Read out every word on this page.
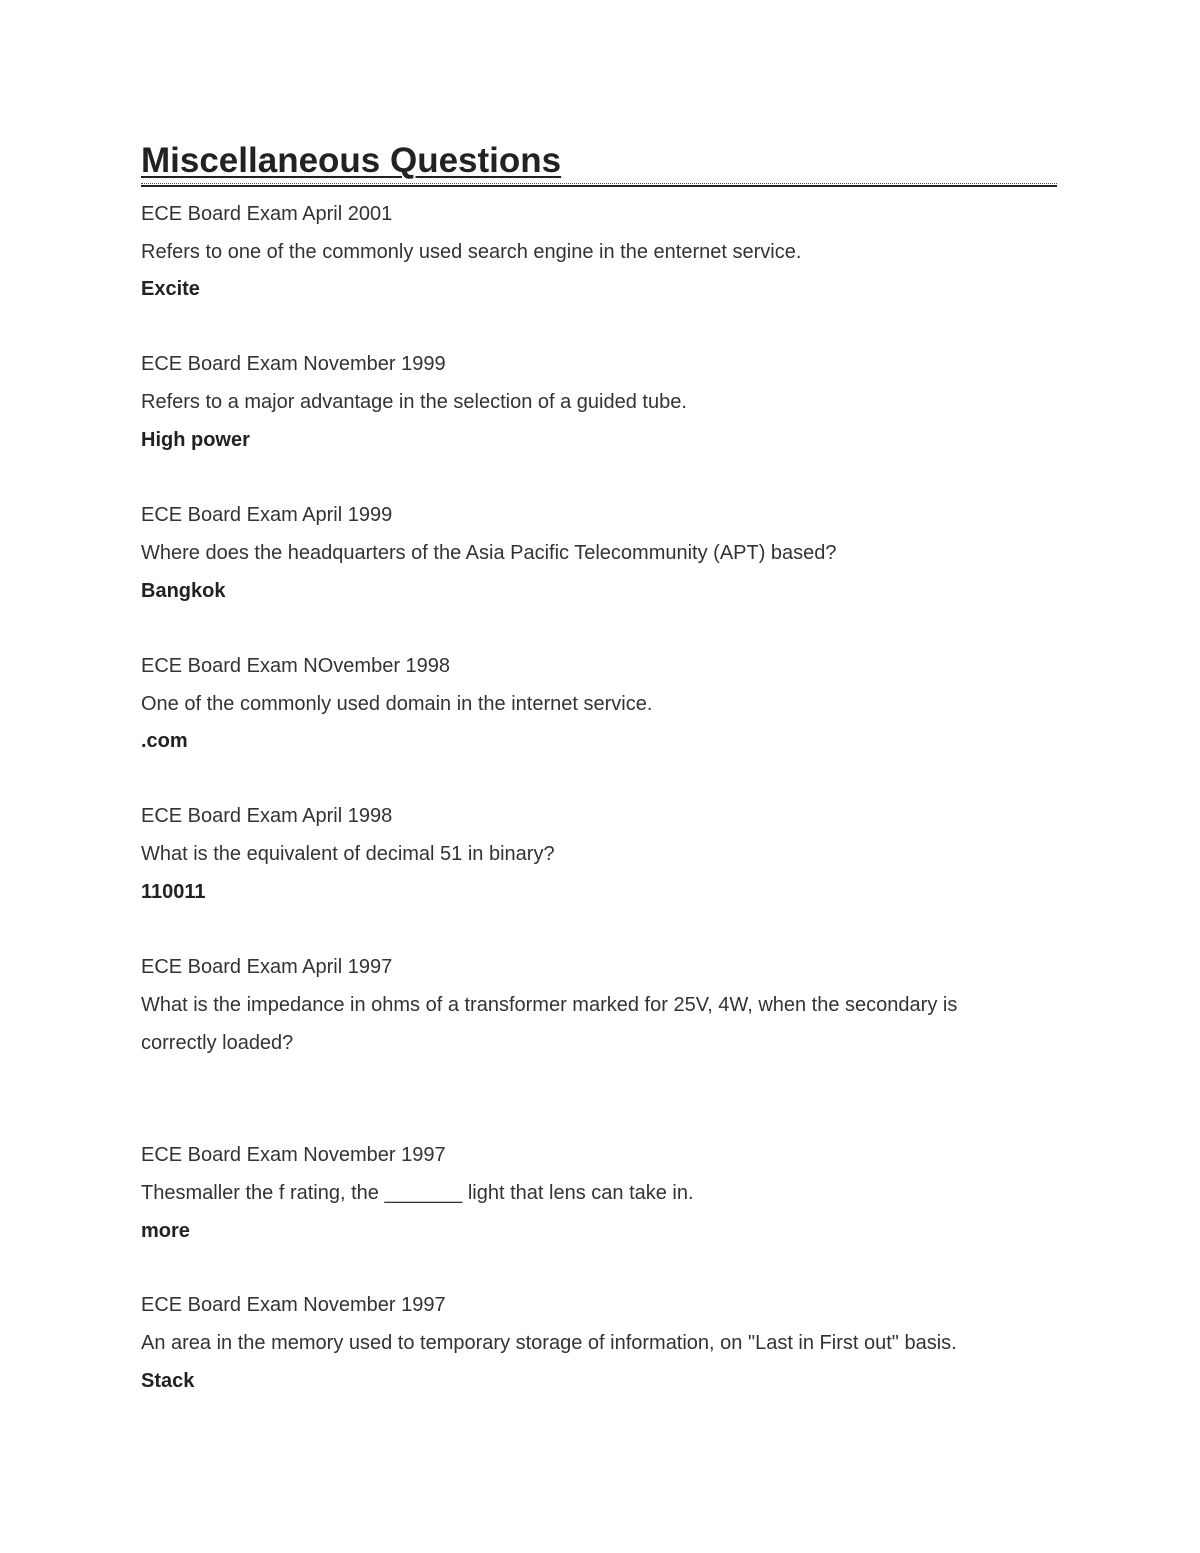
Miscellaneous Questions

ECE Board Exam April 2001

Refers to one of the commonly used search engine in the enternet service.

Excite

ECE Board Exam November 1999

Refers to a major advantage in the selection of a guided tube.

High power

ECE Board Exam April 1999

Where does the headquarters of the Asia Pacific Telecommunity (APT) based?

Bangkok

ECE Board Exam NOvember 1998

One of the commonly used domain in the internet service.

.com

ECE Board Exam April 1998

What is the equivalent of decimal 51 in binary?

110011

ECE Board Exam April 1997

What is the impedance in ohms of a transformer marked for 25V, 4W, when the secondary is

correctly loaded?

ECE Board Exam November 1997

Thesmaller the f rating, the _______ light that lens can take in.

more

ECE Board Exam November 1997

An area in the memory used to temporary storage of information, on "Last in First out" basis.

Stack
